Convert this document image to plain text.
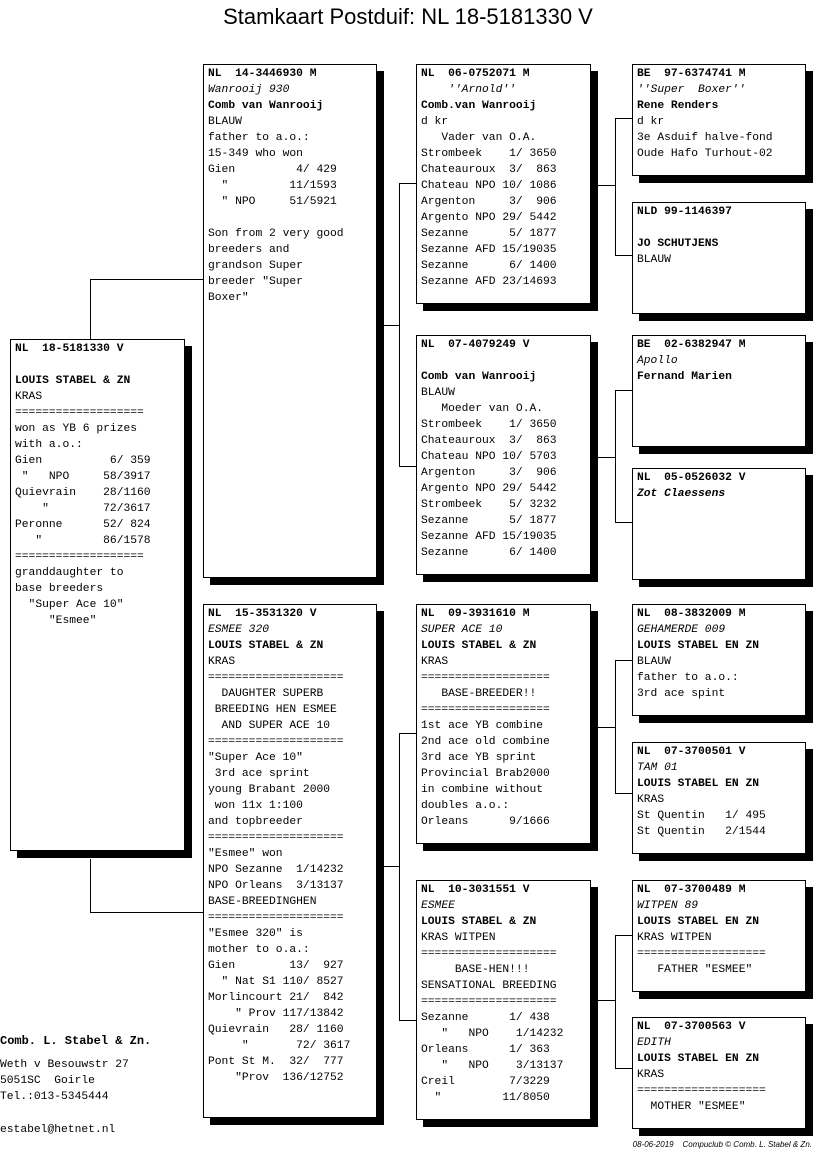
Stamkaart Postduif: NL 18-5181330 V
NL  18-5181330 V
LOUIS STABEL & ZN
KRAS
===================
won as YB 6 prizes
with a.o.:
Gien          6/ 359
"   NPO     58/3917
Quievrain    28/1160
"        72/3617
Peronne      52/ 824
"         86/1578
===================
granddaughter to
base breeders
"Super Ace 10"
"Esmee"
NL  14-3446930 M
Wanrooij 930
Comb van Wanrooij
BLAUW
father to a.o.:
15-349 who won
Gien         4/ 429
"         11/1593
" NPO     51/5921
Son from 2 very good
breeders and
grandson Super
breeder "Super
Boxer"
NL  15-3531320 V
ESMEE 320
LOUIS STABEL & ZN
KRAS
====================
DAUGHTER SUPERB
BREEDING HEN ESMEE
AND SUPER ACE 10
====================
"Super Ace 10"
3rd ace sprint
young Brabant 2000
won 11x 1:100
and topbreeder
====================
"Esmee" won
NPO Sezanne  1/14232
NPO Orleans  3/13137
BASE-BREEDINGHEN
====================
"Esmee 320" is
mother to o.a.:
Gien        13/  927
" Nat S1 110/ 8527
Morlincourt 21/  842
" Prov 117/13842
Quievrain   28/ 1160
"       72/ 3617
Pont St M.  32/  777
"Prov  136/12752
NL  06-0752071 M
''Arnold''
Comb.van Wanrooij
d kr
Vader van O.A.
Strombeek    1/ 3650
Chateauroux  3/  863
Chateau NPO 10/ 1086
Argenton     3/  906
Argento NPO 29/ 5442
Sezanne      5/ 1877
Sezanne AFD 15/19035
Sezanne      6/ 1400
Sezanne AFD 23/14693
NL  07-4079249 V
Comb van Wanrooij
BLAUW
Moeder van O.A.
Strombeek    1/ 3650
Chateauroux  3/  863
Chateau NPO 10/ 5703
Argenton     3/  906
Argento NPO 29/ 5442
Strombeek    5/ 3232
Sezanne      5/ 1877
Sezanne AFD 15/19035
Sezanne      6/ 1400
NL  09-3931610 M
SUPER ACE 10
LOUIS STABEL & ZN
KRAS
===================
BASE-BREEDER!!
===================
1st ace YB combine
2nd ace old combine
3rd ace YB sprint
Provincial Brab2000
in combine without
doubles a.o.:
Orleans      9/1666
NL  10-3031551 V
ESMEE
LOUIS STABEL & ZN
KRAS WITPEN
====================
BASE-HEN!!!
SENSATIONAL BREEDING
====================
Sezanne      1/ 438
"   NPO    1/14232
Orleans      1/ 363
"   NPO    3/13137
Creil        7/3229
"         11/8050
BE  97-6374741 M
''Super  Boxer''
Rene Renders
d kr
3e Asduif halve-fond
Oude Hafo Turhout-02
NLD 99-1146397
JO SCHUTJENS
BLAUW
BE  02-6382947 M
Apollo
Fernand Marien
NL  05-0526032 V
Zot Claessens
NL  08-3832009 M
GEHAMERDE 009
LOUIS STABEL EN ZN
BLAUW
father to a.o.:
3rd ace spint
NL  07-3700501 V
TAM 01
LOUIS STABEL EN ZN
KRAS
St Quentin   1/ 495
St Quentin   2/1544
NL  07-3700489 M
WITPEN 89
LOUIS STABEL EN ZN
KRAS WITPEN
===================
FATHER "ESMEE"
NL  07-3700563 V
EDITH
LOUIS STABEL EN ZN
KRAS
===================
MOTHER "ESMEE"
Comb. L. Stabel & Zn.
Weth v Besouwstr 27
5051SC  Goirle
Tel.:013-5345444
estabel@hetnet.nl
08-06-2019 Compuclub © Comb. L. Stabel & Zn.
